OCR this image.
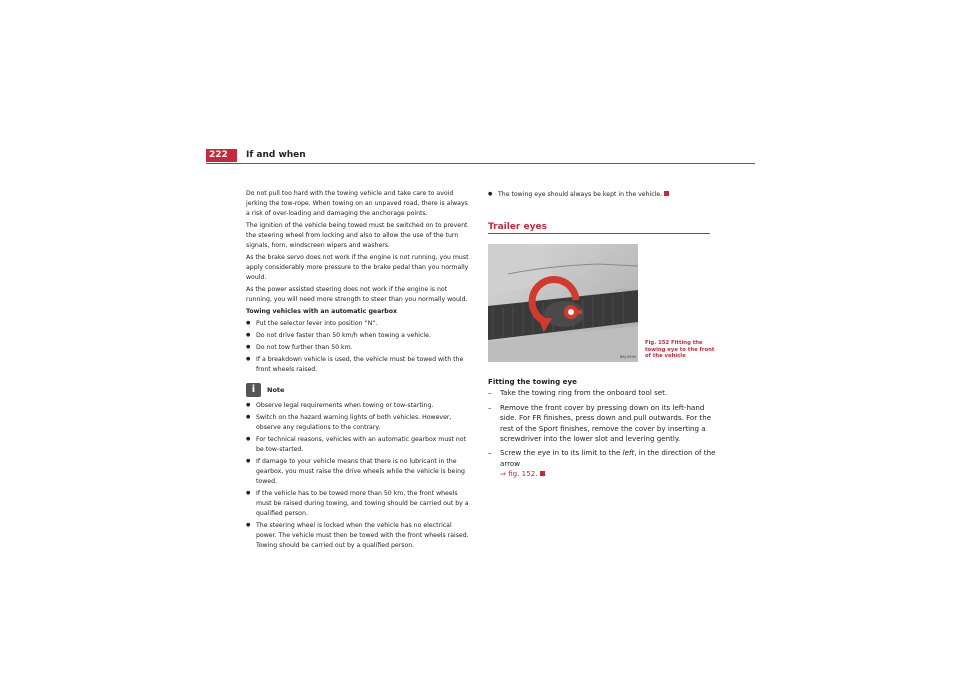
222	If and when

Do not pull too hard with the towing vehicle and take care to avoid jerking the tow-rope. When towing on an unpaved road, there is always a risk of over-loading and damaging the anchorage points.

The ignition of the vehicle being towed must be switched on to prevent the steering wheel from locking and also to allow the use of the turn signals, horn, windscreen wipers and washers.

As the brake servo does not work if the engine is not running, you must apply considerably more pressure to the brake pedal than you normally would.

As the power assisted steering does not work if the engine is not running, you will need more strength to steer than you normally would.

Towing vehicles with an automatic gearbox
● Put the selector lever into position “N”.
● Do not drive faster than 50 km/h when towing a vehicle.
● Do not tow further than 50 km.
● If a breakdown vehicle is used, the vehicle must be towed with the front wheels raised.
i	Note
● Observe legal requirements when towing or tow-starting.
● Switch on the hazard warning lights of both vehicles. However, observe any regulations to the contrary.
● For technical reasons, vehicles with an automatic gearbox must not be tow-started.
● If damage to your vehicle means that there is no lubricant in the gearbox, you must raise the drive wheels while the vehicle is being towed.
● If the vehicle has to be towed more than 50 km, the front wheels must be raised during towing, and towing should be carried out by a qualified person.
● The steering wheel is locked when the vehicle has no electrical power. The vehicle must then be towed with the front wheels raised. Towing should be carried out by a qualified person.
● The towing eye should always be kept in the vehicle.
Trailer eyes
B6J-0096
Fig. 152 Fitting the towing eye to the front of the vehicle
Fitting the towing eye
– Take the towing ring from the onboard tool set.
– Remove the front cover by pressing down on its left-hand side. For FR finishes, press down and pull outwards. For the rest of the Sport finishes, remove the cover by inserting a screwdriver into the lower slot and levering gently.
– Screw the eye in to its limit to the left, in the direction of the arrow
⇒ fig. 152.
